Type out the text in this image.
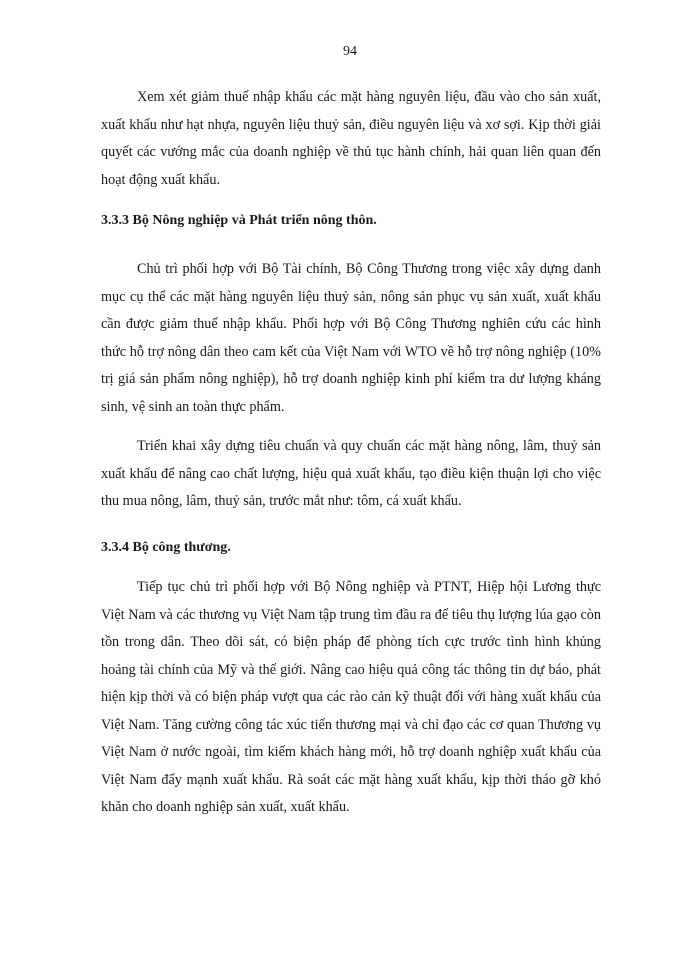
94

Xem xét giảm thuế nhập khẩu các mặt hàng nguyên liệu, đầu vào cho sản xuất, xuất khẩu như hạt nhựa, nguyên liệu thuỷ sản, điều nguyên liệu và xơ sợi. Kịp thời giải quyết các vướng mắc của doanh nghiệp về thủ tục hành chính, hải quan liên quan đến hoạt động xuất khẩu.

3.3.3 Bộ Nông nghiệp và Phát triển nông thôn.

Chủ trì phối hợp với Bộ Tài chính, Bộ Công Thương trong việc xây dựng danh mục cụ thể các mặt hàng nguyên liệu thuỷ sản, nông sản phục vụ sản xuất, xuất khẩu cần được giảm thuế nhập khẩu. Phối hợp với Bộ Công Thương nghiên cứu các hình thức hỗ trợ nông dân theo cam kết của Việt Nam với WTO về hỗ trợ nông nghiệp (10% trị giá sản phẩm nông nghiệp), hỗ trợ doanh nghiệp kinh phí kiểm tra dư lượng kháng sinh, vệ sinh an toàn thực phẩm.

Triển khai xây dựng tiêu chuẩn và quy chuẩn các mặt hàng nông, lâm, thuỷ sản xuất khẩu để nâng cao chất lượng, hiệu quả xuất khẩu, tạo điều kiện thuận lợi cho việc thu mua nông, lâm, thuỷ sản, trước mắt như: tôm, cá xuất khẩu.

3.3.4 Bộ công thương.

Tiếp tục chủ trì phối hợp với Bộ Nông nghiệp và PTNT, Hiệp hội Lương thực Việt Nam và các thương vụ Việt Nam tập trung tìm đầu ra để tiêu thụ lượng lúa gạo còn tồn trong dân. Theo dõi sát, có biện pháp để phòng tích cực trước tình hình khủng hoảng tài chính của Mỹ và thế giới. Nâng cao hiệu quả công tác thông tin dự báo, phát hiện kịp thời và có biện pháp vượt qua các rào cản kỹ thuật đối với hàng xuất khẩu của Việt Nam. Tăng cường công tác xúc tiến thương mại và chỉ đạo các cơ quan Thương vụ Việt Nam ở nước ngoài, tìm kiếm khách hàng mới, hỗ trợ doanh nghiệp xuất khẩu của Việt Nam đẩy mạnh xuất khẩu. Rà soát các mặt hàng xuất khẩu, kịp thời tháo gỡ khó khăn cho doanh nghiệp sản xuất, xuất khẩu.
